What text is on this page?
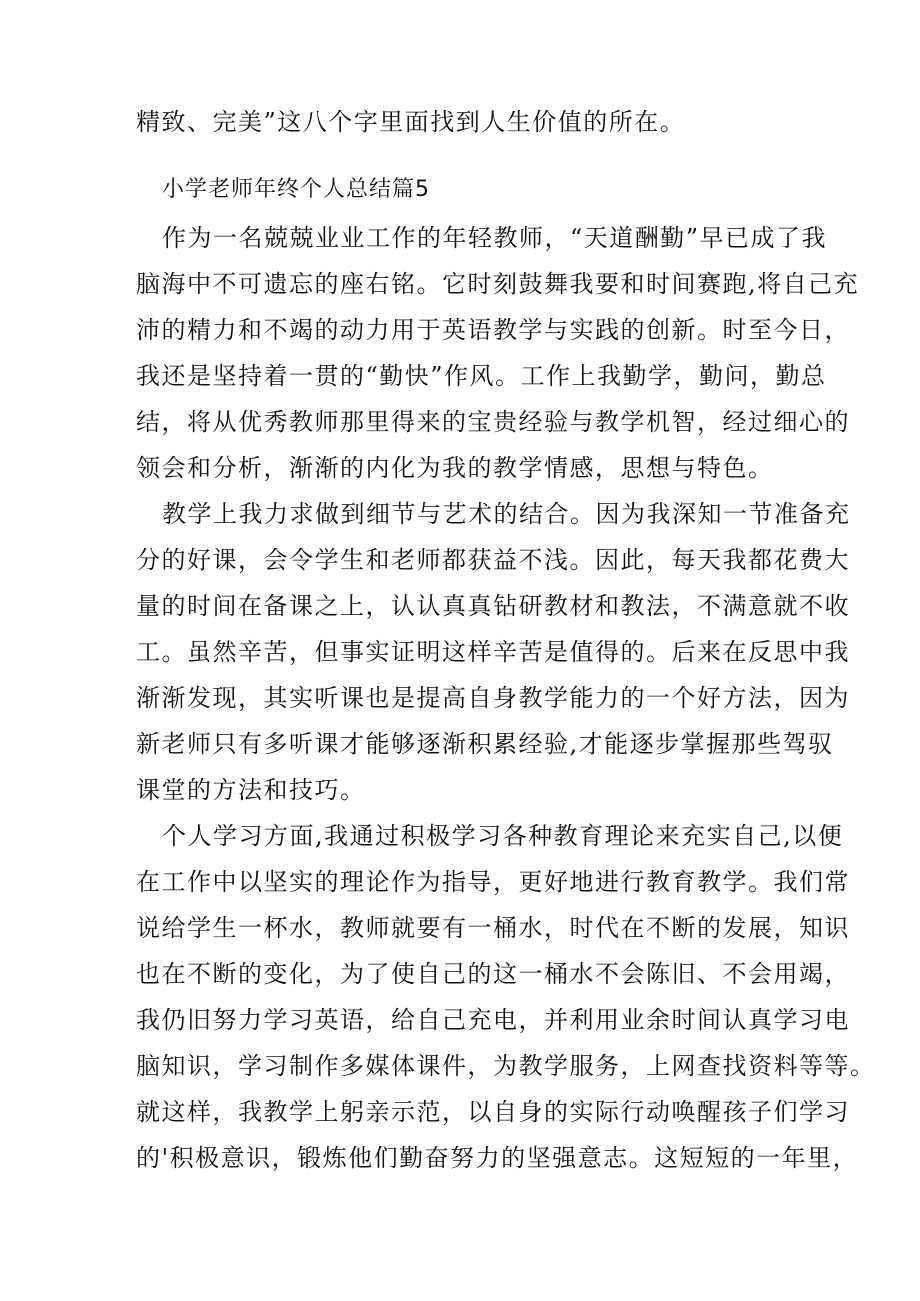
精致、完美”这八个字里面找到人生价值的所在。
小学老师年终个人总结篇5
作为一名兢兢业业工作的年轻教师，“天道酬勤”早已成了我
脑海中不可遗忘的座右铭。它时刻鼓舞我要和时间赛跑,将自己充
沛的精力和不竭的动力用于英语教学与实践的创新。时至今日，
我还是坚持着一贯的“勤快”作风。工作上我勤学，勤问，勤总
结，将从优秀教师那里得来的宝贵经验与教学机智，经过细心的
领会和分析，渐渐的内化为我的教学情感，思想与特色。
教学上我力求做到细节与艺术的结合。因为我深知一节准备充
分的好课，会令学生和老师都获益不浅。因此，每天我都花费大
量的时间在备课之上，认认真真钻研教材和教法，不满意就不收
工。虽然辛苦，但事实证明这样辛苦是值得的。后来在反思中我
渐渐发现，其实听课也是提高自身教学能力的一个好方法，因为
新老师只有多听课才能够逐渐积累经验,才能逐步掌握那些驾驭
课堂的方法和技巧。
个人学习方面,我通过积极学习各种教育理论来充实自己,以便
在工作中以坚实的理论作为指导，更好地进行教育教学。我们常
说给学生一杯水，教师就要有一桶水，时代在不断的发展，知识
也在不断的变化，为了使自己的这一桶水不会陈旧、不会用竭，
我仍旧努力学习英语，给自己充电，并利用业余时间认真学习电
脑知识，学习制作多媒体课件，为教学服务，上网查找资料等等。
就这样，我教学上躬亲示范，以自身的实际行动唤醒孩子们学习
的'积极意识，锻炼他们勤奋努力的坚强意志。这短短的一年里，
